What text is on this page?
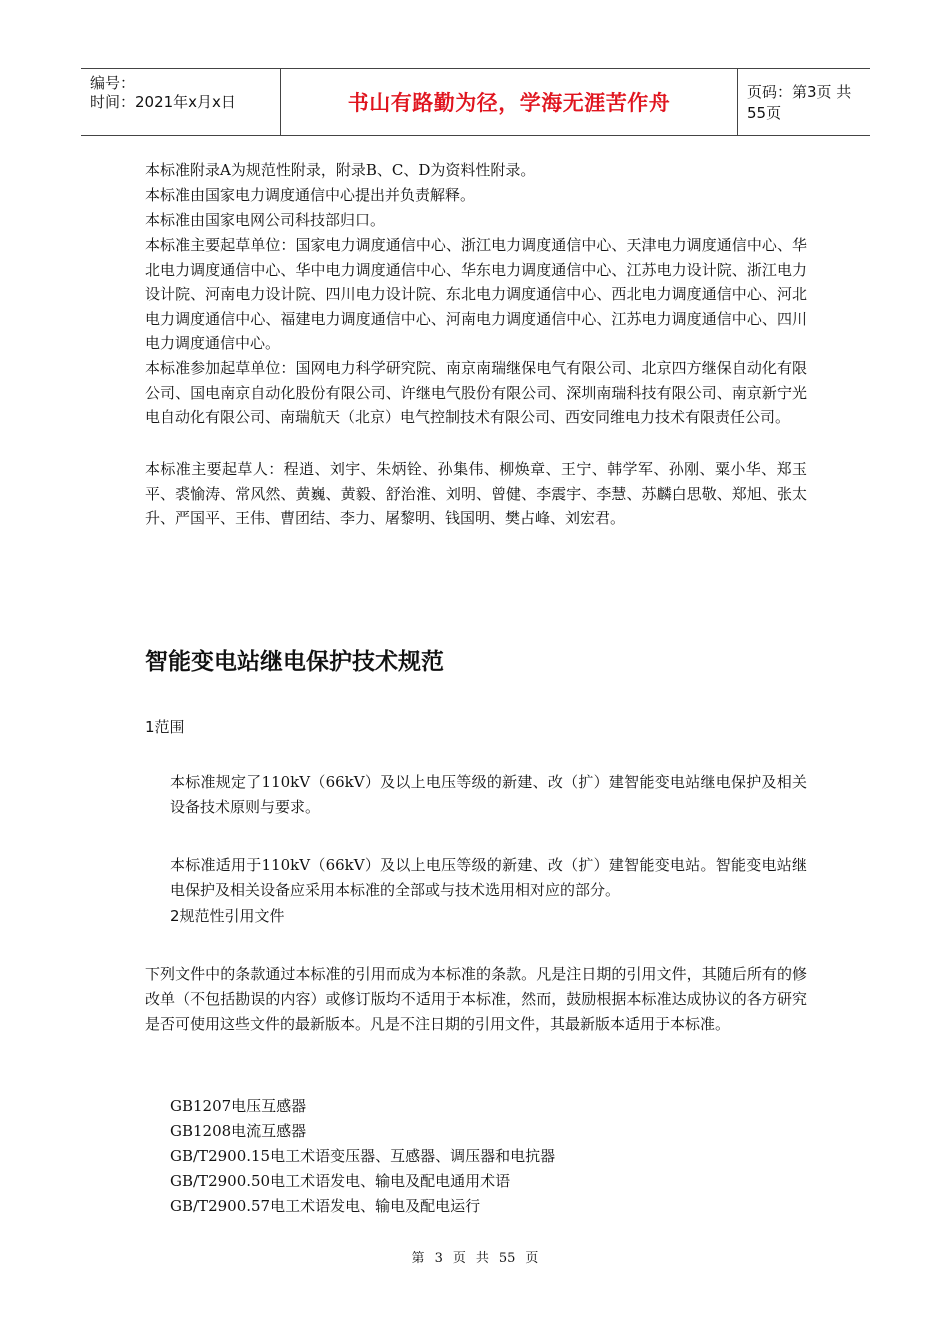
编号：
时间：2021年x月x日	书山有路勤为径，学海无涯苦作舟	页码：第3页 共55页

本标准附录A为规范性附录，附录B、C、D为资料性附录。

本标准由国家电力调度通信中心提出并负责解释。

本标准由国家电网公司科技部归口。

本标准主要起草单位：国家电力调度通信中心、浙江电力调度通信中心、天津电力调度通信中心、华北电力调度通信中心、华中电力调度通信中心、华东电力调度通信中心、江苏电力设计院、浙江电力设计院、河南电力设计院、四川电力设计院、东北电力调度通信中心、西北电力调度通信中心、河北电力调度通信中心、福建电力调度通信中心、河南电力调度通信中心、江苏电力调度通信中心、四川电力调度通信中心。

本标准参加起草单位：国网电力科学研究院、南京南瑞继保电气有限公司、北京四方继保自动化有限公司、国电南京自动化股份有限公司、许继电气股份有限公司、深圳南瑞科技有限公司、南京新宁光电自动化有限公司、南瑞航天（北京）电气控制技术有限公司、西安同维电力技术有限责任公司。

本标准主要起草人：程逍、刘宇、朱炳铨、孙集伟、柳焕章、王宁、韩学军、孙刚、粟小华、郑玉平、裘愉涛、常风然、黄巍、黄毅、舒治淮、刘明、曾健、李震宇、李慧、苏麟白思敬、郑旭、张太升、严国平、王伟、曹团结、李力、屠黎明、钱国明、樊占峰、刘宏君。

智能变电站继电保护技术规范
1范围

本标准规定了110kV（66kV）及以上电压等级的新建、改（扩）建智能变电站继电保护及相关设备技术原则与要求。

本标准适用于110kV（66kV）及以上电压等级的新建、改（扩）建智能变电站。智能变电站继电保护及相关设备应采用本标准的全部或与技术选用相对应的部分。

2规范性引用文件

下列文件中的条款通过本标准的引用而成为本标准的条款。凡是注日期的引用文件，其随后所有的修改单（不包括勘误的内容）或修订版均不适用于本标准，然而，鼓励根据本标准达成协议的各方研究是否可使用这些文件的最新版本。凡是不注日期的引用文件，其最新版本适用于本标准。

GB1207电压互感器
GB1208电流互感器
GB/T2900.15电工术语变压器、互感器、调压器和电抗器
GB/T2900.50电工术语发电、输电及配电通用术语
GB/T2900.57电工术语发电、输电及配电运行
第 3 页 共 55 页
